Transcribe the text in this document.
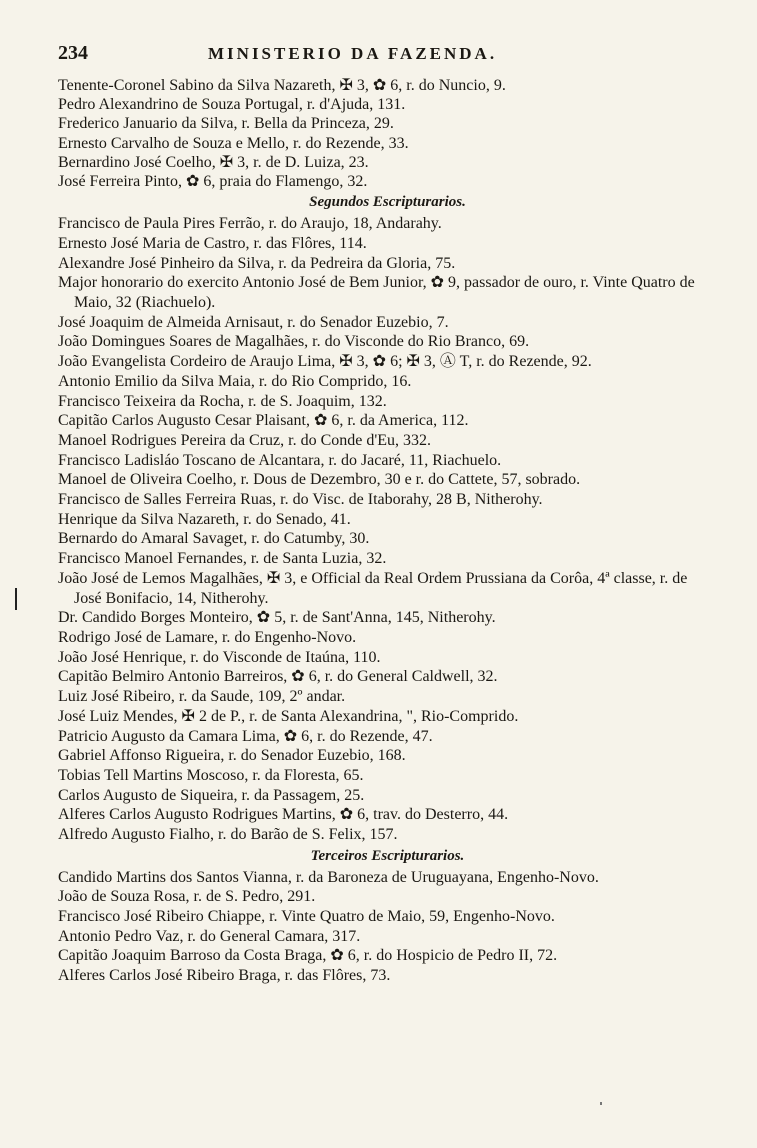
234	MINISTERIO DA FAZENDA.

Tenente-Coronel Sabino da Silva Nazareth, ✠ 3, ✿ 6, r. do Nuncio, 9.

Pedro Alexandrino de Souza Portugal, r. d'Ajuda, 131.

Frederico Januario da Silva, r. Bella da Princeza, 29.

Ernesto Carvalho de Souza e Mello, r. do Rezende, 33.

Bernardino José Coelho, ✠ 3, r. de D. Luiza, 23.

José Ferreira Pinto, ✿ 6, praia do Flamengo, 32.

Segundos Escripturarios.

Francisco de Paula Pires Ferrão, r. do Araujo, 18, Andarahy.

Ernesto José Maria de Castro, r. das Flôres, 114.

Alexandre José Pinheiro da Silva, r. da Pedreira da Gloria, 75.

Major honorario do exercito Antonio José de Bem Junior, ✿ 9, passador de ouro, r. Vinte Quatro de Maio, 32 (Riachuelo).

José Joaquim de Almeida Arnisaut, r. do Senador Euzebio, 7.

João Domingues Soares de Magalhães, r. do Visconde do Rio Branco, 69.

João Evangelista Cordeiro de Araujo Lima, ✠ 3, ✿ 6; ✠ 3, Ⓐ T, r. do Rezende, 92.

Antonio Emilio da Silva Maia, r. do Rio Comprido, 16.

Francisco Teixeira da Rocha, r. de S. Joaquim, 132.

Capitão Carlos Augusto Cesar Plaisant, ✿ 6, r. da America, 112.

Manoel Rodrigues Pereira da Cruz, r. do Conde d'Eu, 332.

Francisco Ladisláo Toscano de Alcantara, r. do Jacaré, 11, Riachuelo.

Manoel de Oliveira Coelho, r. Dous de Dezembro, 30 e r. do Cattete, 57, sobrado.

Francisco de Salles Ferreira Ruas, r. do Visc. de Itaborahy, 28 B, Nitherohy.

Henrique da Silva Nazareth, r. do Senado, 41.

Bernardo do Amaral Savaget, r. do Catumby, 30.

Francisco Manoel Fernandes, r. de Santa Luzia, 32.

João José de Lemos Magalhães, ✠ 3, e Official da Real Ordem Prussiana da Corôa, 4ª classe, r. de José Bonifacio, 14, Nitherohy.

Dr. Candido Borges Monteiro, ✿ 5, r. de Sant'Anna, 145, Nitherohy.

Rodrigo José de Lamare, r. do Engenho-Novo.

João José Henrique, r. do Visconde de Itaúna, 110.

Capitão Belmiro Antonio Barreiros, ✿ 6, r. do General Caldwell, 32.

Luiz José Ribeiro, r. da Saude, 109, 2º andar.

José Luiz Mendes, ✠ 2 de P., r. de Santa Alexandrina, ", Rio-Comprido.

Patricio Augusto da Camara Lima, ✿ 6, r. do Rezende, 47.

Gabriel Affonso Rigueira, r. do Senador Euzebio, 168.

Tobias Tell Martins Moscoso, r. da Floresta, 65.

Carlos Augusto de Siqueira, r. da Passagem, 25.

Alferes Carlos Augusto Rodrigues Martins, ✿ 6, trav. do Desterro, 44.

Alfredo Augusto Fialho, r. do Barão de S. Felix, 157.

Terceiros Escripturarios.

Candido Martins dos Santos Vianna, r. da Baroneza de Uruguayana, Engenho-Novo.

João de Souza Rosa, r. de S. Pedro, 291.

Francisco José Ribeiro Chiappe, r. Vinte Quatro de Maio, 59, Engenho-Novo.

Antonio Pedro Vaz, r. do General Camara, 317.

Capitão Joaquim Barroso da Costa Braga, ✿ 6, r. do Hospicio de Pedro II, 72.

Alferes Carlos José Ribeiro Braga, r. das Flôres, 73.
